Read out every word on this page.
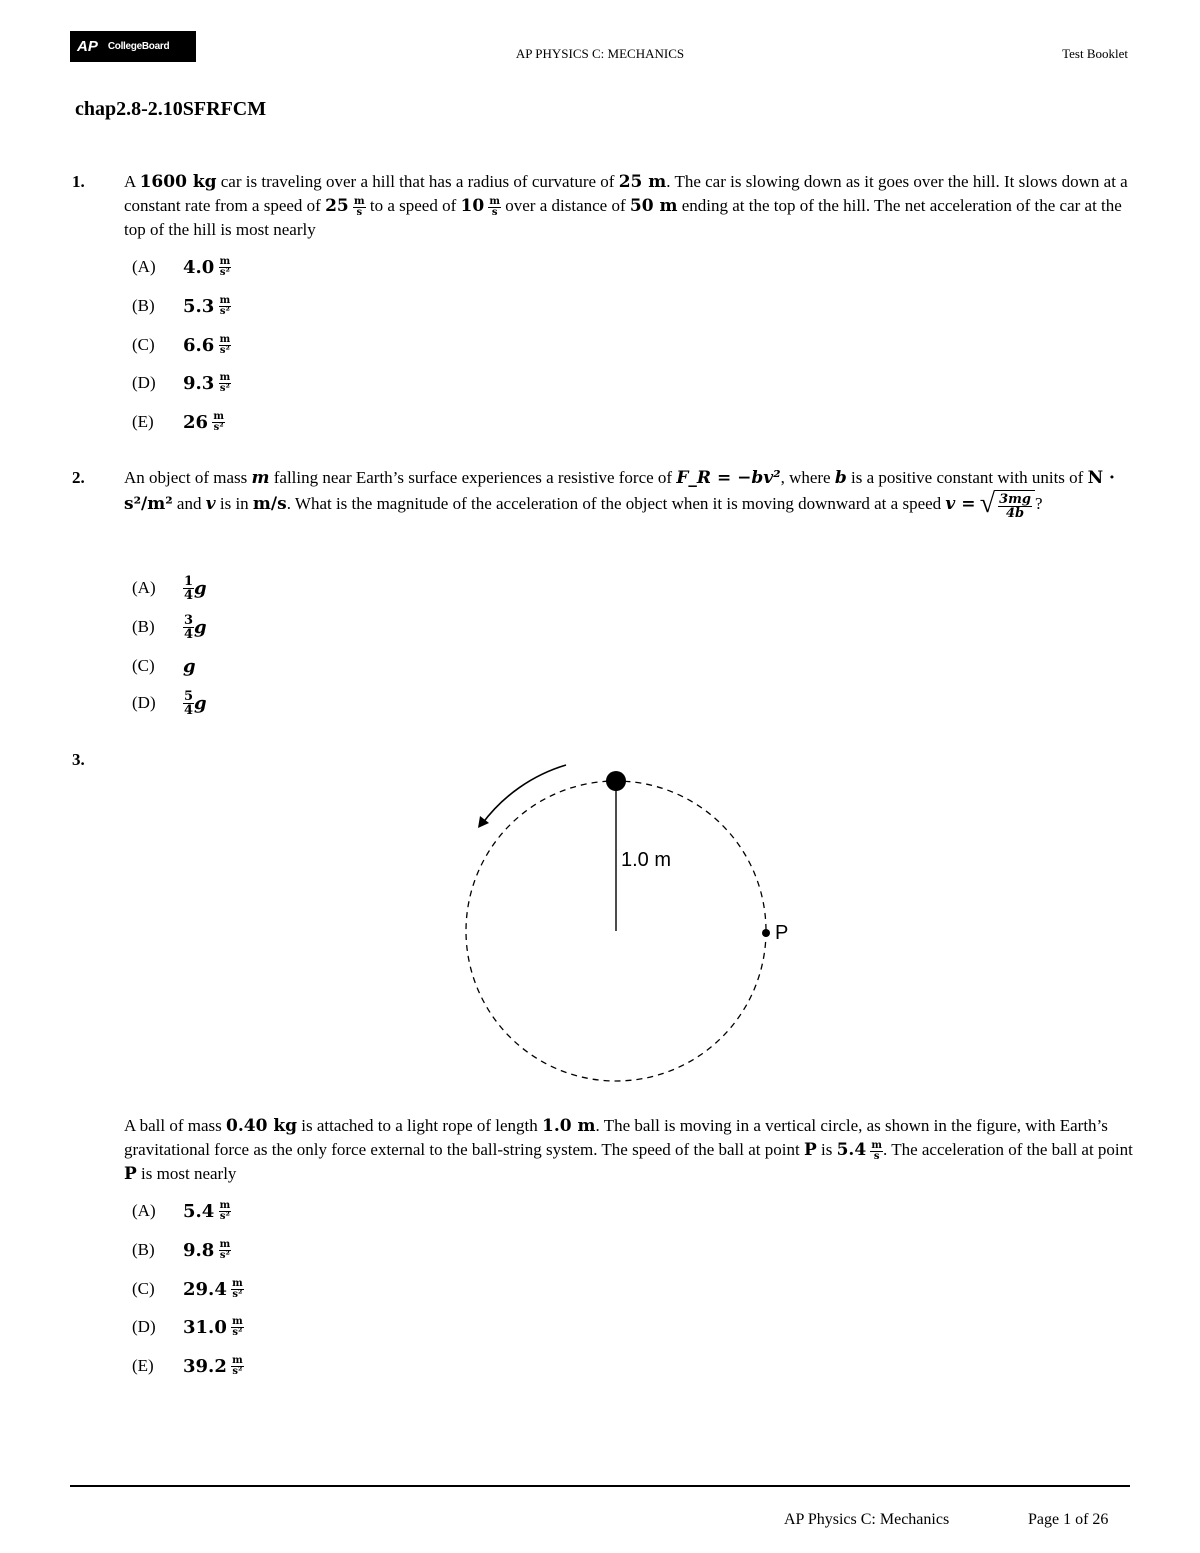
AP CollegeBoard	AP PHYSICS C: MECHANICS	Test Booklet
chap2.8-2.10SFRFCM
1. A 1600 kg car is traveling over a hill that has a radius of curvature of 25 m. The car is slowing down as it goes over the hill. It slows down at a constant rate from a speed of $25 \frac{m}{s}$ to a speed of $10 \frac{m}{s}$ over a distance of 50 m ending at the top of the hill. The net acceleration of the car at the top of the hill is most nearly
(A)	4.0
$\frac{m}{\text{s²}}$
(B)	5.3
$\frac{m}{\text{s²}}$
(C)	6.6
$\frac{m}{\text{s²}}$
(D)	9.3
$\frac{m}{\text{s²}}$
(E)	26
$\frac{m}{\text{s²}}$
2. An object of mass m falling near Earth’s surface experiences a resistive force of F_R = −bv², where b is a positive constant with units of N · s²/m² and v is in m/s. What is the magnitude of the acceleration of the object when it is moving downward at a speed v = √ $\frac{3mg}{4b}$ ?
(A)	$\frac{1}{4}$ g
(B)	$\frac{3}{4}$ g
(C)	g
(D)	$\frac{5}{4}$ g
3.
1.0 m
P
A ball of mass 0.40 kg is attached to a light rope of length 1.0 m. The ball is moving in a vertical circle, as shown in the figure, with Earth’s gravitational force as the only force external to the ball-string system. The speed of the ball at point P is $5.4 \frac{m}{s}$ . The acceleration of the ball at point P is most nearly
(A)	5.4
$\frac{m}{\text{s²}}$
(B)	9.8
$\frac{m}{\text{s²}}$
(C)	29.4
$\frac{m}{\text{s²}}$
(D)	31.0
$\frac{m}{\text{s²}}$
(E)	39.2
$\frac{m}{\text{s²}}$
AP Physics C: Mechanics	Page 1 of 26
